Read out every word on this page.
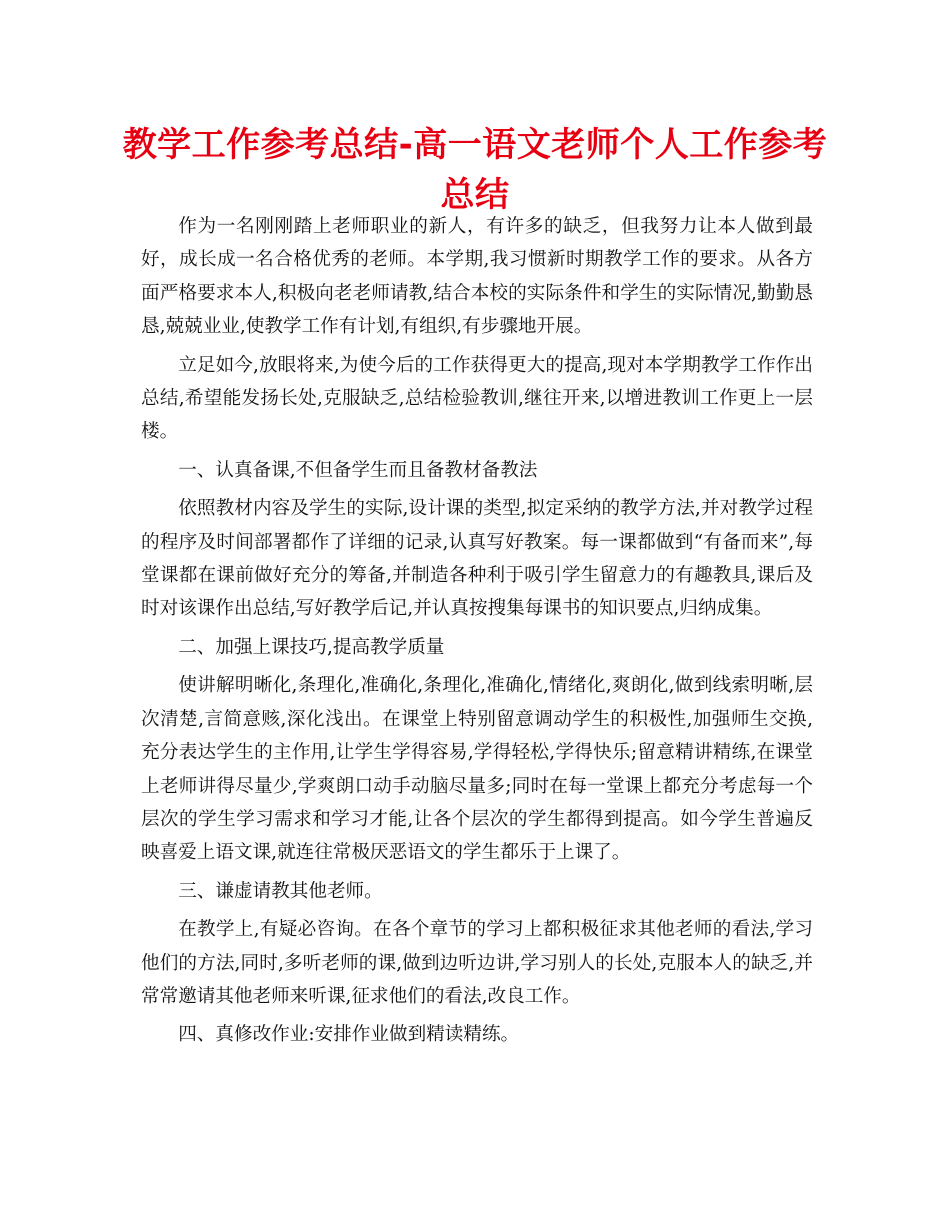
教学工作参考总结-高一语文老师个人工作参考总结

作为一名刚刚踏上老师职业的新人，有许多的缺乏，但我努力让本人做到最好，成长成一名合格优秀的老师。本学期,我习惯新时期教学工作的要求。从各方面严格要求本人,积极向老老师请教,结合本校的实际条件和学生的实际情况,勤勤恳恳,兢兢业业,使教学工作有计划,有组织,有步骤地开展。

立足如今,放眼将来,为使今后的工作获得更大的提高,现对本学期教学工作作出总结,希望能发扬长处,克服缺乏,总结检验教训,继往开来,以增进教训工作更上一层楼。

一、认真备课,不但备学生而且备教材备教法

依照教材内容及学生的实际,设计课的类型,拟定采纳的教学方法,并对教学过程的程序及时间部署都作了详细的记录,认真写好教案。每一课都做到“有备而来”,每堂课都在课前做好充分的筹备,并制造各种利于吸引学生留意力的有趣教具,课后及时对该课作出总结,写好教学后记,并认真按搜集每课书的知识要点,归纳成集。

二、加强上课技巧,提高教学质量

使讲解明晰化,条理化,准确化,条理化,准确化,情绪化,爽朗化,做到线索明晰,层次清楚,言简意赅,深化浅出。在课堂上特别留意调动学生的积极性,加强师生交换,充分表达学生的主作用,让学生学得容易,学得轻松,学得快乐;留意精讲精练,在课堂上老师讲得尽量少,学爽朗口动手动脑尽量多;同时在每一堂课上都充分考虑每一个层次的学生学习需求和学习才能,让各个层次的学生都得到提高。如今学生普遍反映喜爱上语文课,就连往常极厌恶语文的学生都乐于上课了。

三、谦虚请教其他老师。

在教学上,有疑必咨询。在各个章节的学习上都积极征求其他老师的看法,学习他们的方法,同时,多听老师的课,做到边听边讲,学习别人的长处,克服本人的缺乏,并常常邀请其他老师来听课,征求他们的看法,改良工作。

四、真修改作业:安排作业做到精读精练。
